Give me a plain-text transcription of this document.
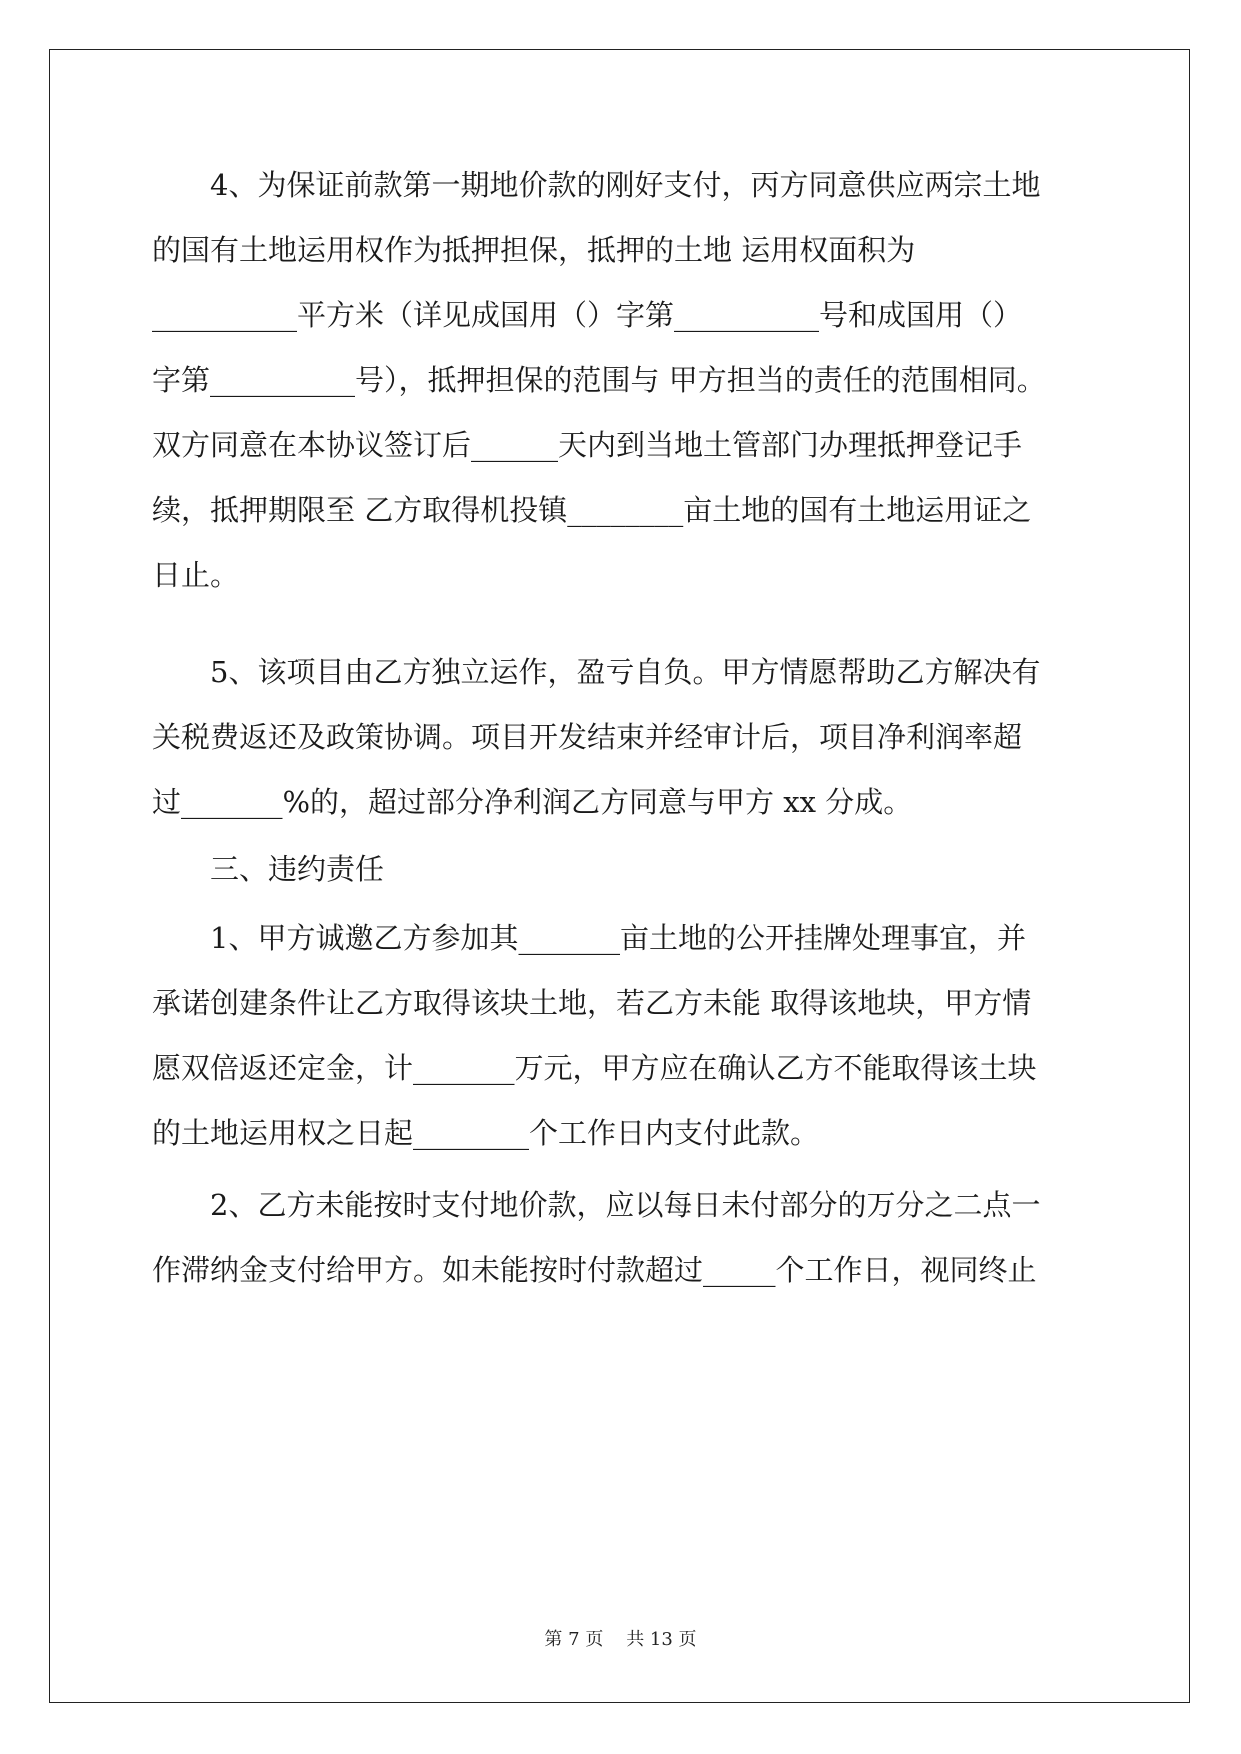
4、为保证前款第一期地价款的刚好支付，丙方同意供应两宗土地
的国有土地运用权作为抵押担保，抵押的土地 运用权面积为
__________平方米（详见成国用（）字第__________号和成国用（）
字第__________号），抵押担保的范围与 甲方担当的责任的范围相同。
双方同意在本协议签订后______天内到当地土管部门办理抵押登记手
续，抵押期限至 乙方取得机投镇________亩土地的国有土地运用证之
日止。
5、该项目由乙方独立运作，盈亏自负。甲方情愿帮助乙方解决有
关税费返还及政策协调。项目开发结束并经审计后，项目净利润率超
过_______%的，超过部分净利润乙方同意与甲方 xx 分成。
三、违约责任
1、甲方诚邀乙方参加其_______亩土地的公开挂牌处理事宜，并
承诺创建条件让乙方取得该块土地，若乙方未能 取得该地块，甲方情
愿双倍返还定金，计_______万元，甲方应在确认乙方不能取得该土块
的土地运用权之日起________个工作日内支付此款。
2、乙方未能按时支付地价款，应以每日未付部分的万分之二点一
作滞纳金支付给甲方。如未能按时付款超过_____个工作日，视同终止
第 7 页    共 13 页
